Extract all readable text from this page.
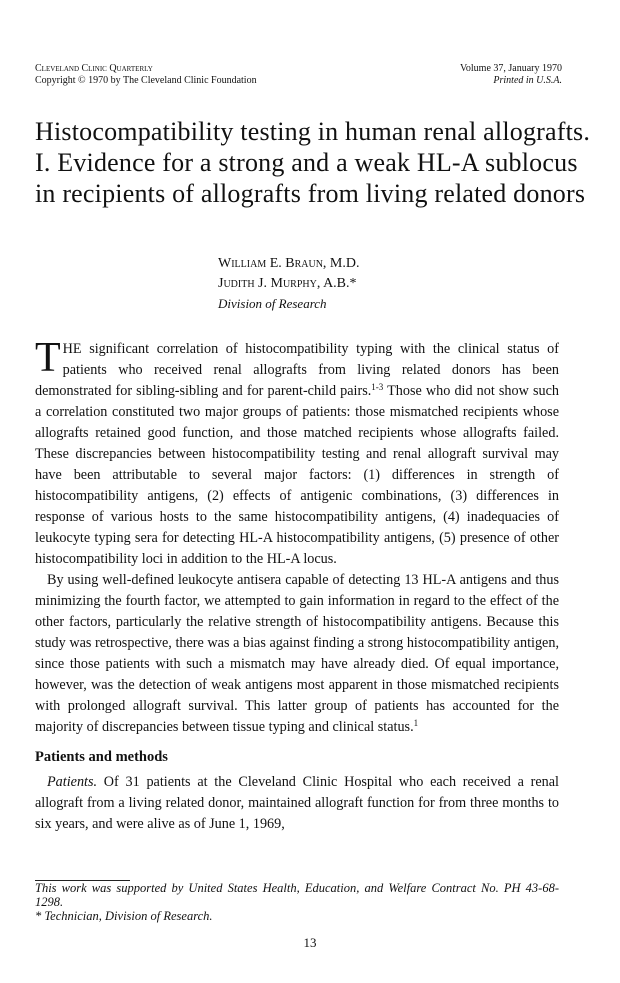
Cleveland Clinic Quarterly
Copyright © 1970 by The Cleveland Clinic Foundation
Volume 37, January 1970
Printed in U.S.A.
Histocompatibility testing in human renal allografts. I. Evidence for a strong and a weak HL-A sublocus in recipients of allografts from living related donors
William E. Braun, M.D.
Judith J. Murphy, A.B.*
Division of Research

THE significant correlation of histocompatibility typing with the clinical status of patients who received renal allografts from living related donors has been demonstrated for sibling-sibling and for parent-child pairs.$^{1-3}$ Those who did not show such a correlation constituted two major groups of patients: those mismatched recipients whose allografts retained good function, and those matched recipients whose allografts failed. These discrepancies between histocompatibility testing and renal allograft survival may have been attributable to several major factors: (1) differences in strength of histocompatibility antigens, (2) effects of antigenic combinations, (3) differences in response of various hosts to the same histocompatibility antigens, (4) inadequacies of leukocyte typing sera for detecting HL-A histocompatibility antigens, (5) presence of other histocompatibility loci in addition to the HL-A locus.

By using well-defined leukocyte antisera capable of detecting 13 HL-A antigens and thus minimizing the fourth factor, we attempted to gain information in regard to the effect of the other factors, particularly the relative strength of histocompatibility antigens. Because this study was retrospective, there was a bias against finding a strong histocompatibility antigen, since those patients with such a mismatch may have already died. Of equal importance, however, was the detection of weak antigens most apparent in those mismatched recipients with prolonged allograft survival. This latter group of patients has accounted for the majority of discrepancies between tissue typing and clinical status.$^1$

Patients and methods

Patients. Of 31 patients at the Cleveland Clinic Hospital who each received a renal allograft from a living related donor, maintained allograft function for from three months to six years, and were alive as of June 1, 1969,

This work was supported by United States Health, Education, and Welfare Contract No. PH 43-68-1298.

* Technician, Division of Research.

13
